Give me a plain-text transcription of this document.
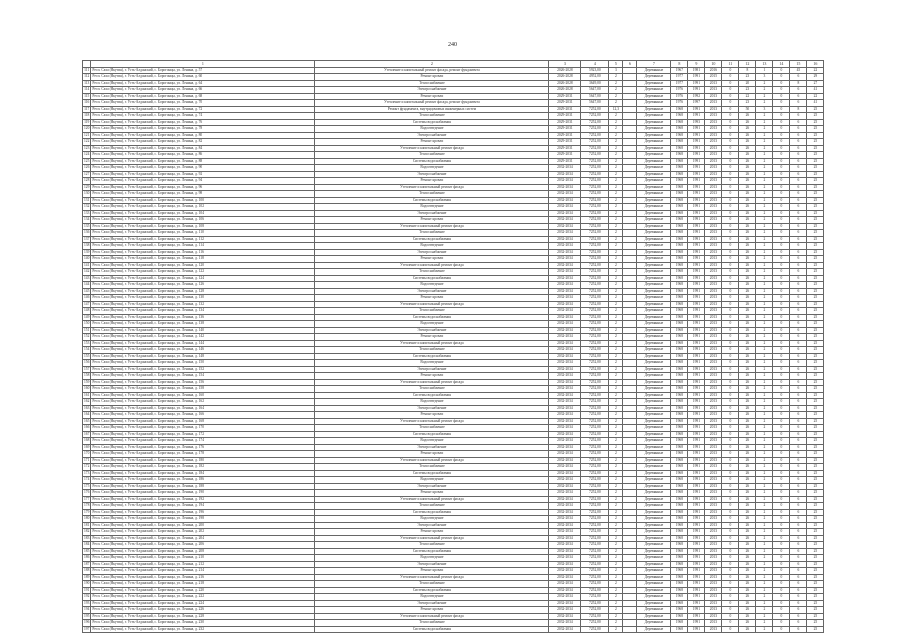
240
	1	2	3	4	5	6	7	8	9	10	11	12	13	14	15	16
111	Респ. Саха (Якутия), г. Усть-Алданский, с. Борогонцы, ул. Ленина, д. 57	Утепление и капитальный ремонт фасада, ремонт фундамента	2026-2028	5923,00	3		Деревянные	1967	1981	2016	0	8	1	0	45	22
112	Респ. Саха (Якутия), г. Усть-Алданский, с. Борогонцы, ул. Ленина, д. 60	Ремонт кровли	2026-2028	4952,00	2		Деревянные	1977	1991	2015	0	23	3	0	6	29
113	Респ. Саха (Якутия), г. Усть-Алданский, с. Борогонцы, ул. Ленина, д. 64	Теплоснабжение	2026-2028	3649,00	2		Деревянные	1977	1991	2013	0	20	2	0	8	27
114	Респ. Саха (Якутия), г. Усть-Алданский, с. Борогонцы, ул. Ленина, д. 66	Электроснабжение	2026-2028	5647,00	2		Деревянные	1976	1991	2013	0	23	2	0	6	41
115	Респ. Саха (Якутия), г. Усть-Алданский, с. Борогонцы, ул. Ленина, д. 68	Ремонт кровли	2029-2031	5647,00	2		Деревянные	1976	1992	2013	0	22	2	0	6	22
116	Респ. Саха (Якутия), г. Усть-Алданский, с. Борогонцы, ул. Ленина, д. 70	Утепление и капитальный ремонт фасада, ремонт фундамента	2029-2031	5647,00	2		Деревянные	1976	1997	2013	0	23	2	0	6	41
117	Респ. Саха (Якутия), г. Усть-Алданский, с. Борогонцы, ул. Ленина, д. 72	Ремонт фундамента, внутридомовых инженерных систем	2029-2031	7252,00	12,3		Деревянные	1968	1991	2013	0	50	3	0	8	25
118	Респ. Саха (Якутия), г. Усть-Алданский, с. Борогонцы, ул. Ленина, д. 74	Теплоснабжение	2029-2031	7252,00	2		Деревянные	1968	1991	2013	0	26	2	0	6	25
119	Респ. Саха (Якутия), г. Усть-Алданский, с. Борогонцы, ул. Ленина, д. 76	Системы водоснабжения	2029-2031	7252,00	2		Деревянные	1968	1993	2013	0	26	2	0	6	25
120	Респ. Саха (Якутия), г. Усть-Алданский, с. Борогонцы, ул. Ленина, д. 78	Водоотведение	2029-2031	7252,00	2		Деревянные	1968	1991	2013	0	26	2	0	6	25
121	Респ. Саха (Якутия), г. Усть-Алданский, с. Борогонцы, ул. Ленина, д. 80	Электроснабжение	2029-2031	7252,00	2		Деревянные	1968	1991	2013	0	26	2	0	6	25
122	Респ. Саха (Якутия), г. Усть-Алданский, с. Борогонцы, ул. Ленина, д. 82	Ремонт кровли	2029-2031	7252,00	2		Деревянные	1968	1991	2013	0	26	2	0	6	25
123	Респ. Саха (Якутия), г. Усть-Алданский, с. Борогонцы, ул. Ленина, д. 84	Утепление и капитальный ремонт фасада	2029-2031	7252,00	2		Деревянные	1968	1991	2013	0	26	2	0	6	25
124	Респ. Саха (Якутия), г. Усть-Алданский, с. Борогонцы, ул. Ленина, д. 86	Теплоснабжение	2029-2031	7252,00	2		Деревянные	1968	1991	2013	0	26	2	0	6	25
125	Респ. Саха (Якутия), г. Усть-Алданский, с. Борогонцы, ул. Ленина, д. 88	Системы водоснабжения	2029-2031	7252,00	2		Деревянные	1968	1991	2013	0	26	2	0	6	25
126	Респ. Саха (Якутия), г. Усть-Алданский, с. Борогонцы, ул. Ленина, д. 90	Водоотведение	2032-2034	7252,00	2		Деревянные	1968	1991	2013	0	26	2	0	6	25
127	Респ. Саха (Якутия), г. Усть-Алданский, с. Борогонцы, ул. Ленина, д. 92	Электроснабжение	2032-2034	7252,00	2		Деревянные	1968	1991	2013	0	26	2	0	6	25
128	Респ. Саха (Якутия), г. Усть-Алданский, с. Борогонцы, ул. Ленина, д. 94	Ремонт кровли	2032-2034	7252,00	2		Деревянные	1968	1991	2013	0	26	2	0	6	25
129	Респ. Саха (Якутия), г. Усть-Алданский, с. Борогонцы, ул. Ленина, д. 96	Утепление и капитальный ремонт фасада	2032-2034	7252,00	2		Деревянные	1968	1991	2013	0	26	2	0	6	25
130	Респ. Саха (Якутия), г. Усть-Алданский, с. Борогонцы, ул. Ленина, д. 98	Теплоснабжение	2032-2034	7252,00	2		Деревянные	1968	1991	2013	0	26	2	0	6	25
131	Респ. Саха (Якутия), г. Усть-Алданский, с. Борогонцы, ул. Ленина, д. 100	Системы водоснабжения	2032-2034	7252,00	2		Деревянные	1968	1991	2013	0	26	2	0	6	25
132	Респ. Саха (Якутия), г. Усть-Алданский, с. Борогонцы, ул. Ленина, д. 102	Водоотведение	2032-2034	7252,00	2		Деревянные	1968	1991	2013	0	26	2	0	6	25
133	Респ. Саха (Якутия), г. Усть-Алданский, с. Борогонцы, ул. Ленина, д. 104	Электроснабжение	2032-2034	7252,00	2		Деревянные	1968	1991	2013	0	26	2	0	6	25
134	Респ. Саха (Якутия), г. Усть-Алданский, с. Борогонцы, ул. Ленина, д. 106	Ремонт кровли	2032-2034	7252,00	2		Деревянные	1968	1991	2013	0	26	2	0	6	25
135	Респ. Саха (Якутия), г. Усть-Алданский, с. Борогонцы, ул. Ленина, д. 108	Утепление и капитальный ремонт фасада	2032-2034	7252,00	2		Деревянные	1968	1991	2013	0	26	2	0	6	25
136	Респ. Саха (Якутия), г. Усть-Алданский, с. Борогонцы, ул. Ленина, д. 110	Теплоснабжение	2032-2034	7252,00	2		Деревянные	1968	1991	2013	0	26	2	0	6	25
137	Респ. Саха (Якутия), г. Усть-Алданский, с. Борогонцы, ул. Ленина, д. 112	Системы водоснабжения	2032-2034	7252,00	2		Деревянные	1968	1991	2013	0	26	2	0	6	25
138	Респ. Саха (Якутия), г. Усть-Алданский, с. Борогонцы, ул. Ленина, д. 114	Водоотведение	2032-2034	7252,00	2		Деревянные	1968	1991	2013	0	26	2	0	6	25
139	Респ. Саха (Якутия), г. Усть-Алданский, с. Борогонцы, ул. Ленина, д. 116	Электроснабжение	2032-2034	7252,00	2		Деревянные	1968	1991	2013	0	26	2	0	6	25
140	Респ. Саха (Якутия), г. Усть-Алданский, с. Борогонцы, ул. Ленина, д. 118	Ремонт кровли	2032-2034	7252,00	2		Деревянные	1968	1991	2013	0	26	2	0	6	25
141	Респ. Саха (Якутия), г. Усть-Алданский, с. Борогонцы, ул. Ленина, д. 120	Утепление и капитальный ремонт фасада	2032-2034	7252,00	2		Деревянные	1968	1991	2013	0	26	2	0	6	25
142	Респ. Саха (Якутия), г. Усть-Алданский, с. Борогонцы, ул. Ленина, д. 122	Теплоснабжение	2032-2034	7252,00	2		Деревянные	1968	1991	2013	0	26	2	0	6	25
143	Респ. Саха (Якутия), г. Усть-Алданский, с. Борогонцы, ул. Ленина, д. 124	Системы водоснабжения	2032-2034	7252,00	2		Деревянные	1968	1991	2013	0	26	2	0	6	25
144	Респ. Саха (Якутия), г. Усть-Алданский, с. Борогонцы, ул. Ленина, д. 126	Водоотведение	2032-2034	7252,00	2		Деревянные	1968	1991	2013	0	26	2	0	6	25
145	Респ. Саха (Якутия), г. Усть-Алданский, с. Борогонцы, ул. Ленина, д. 128	Электроснабжение	2032-2034	7252,00	2		Деревянные	1968	1991	2013	0	26	2	0	6	25
146	Респ. Саха (Якутия), г. Усть-Алданский, с. Борогонцы, ул. Ленина, д. 130	Ремонт кровли	2032-2034	7252,00	2		Деревянные	1968	1991	2013	0	26	2	0	6	25
147	Респ. Саха (Якутия), г. Усть-Алданский, с. Борогонцы, ул. Ленина, д. 132	Утепление и капитальный ремонт фасада	2032-2034	7252,00	2		Деревянные	1968	1991	2013	0	26	2	0	6	25
148	Респ. Саха (Якутия), г. Усть-Алданский, с. Борогонцы, ул. Ленина, д. 134	Теплоснабжение	2032-2034	7252,00	2		Деревянные	1968	1991	2013	0	26	2	0	6	25
149	Респ. Саха (Якутия), г. Усть-Алданский, с. Борогонцы, ул. Ленина, д. 136	Системы водоснабжения	2032-2034	7252,00	2		Деревянные	1968	1991	2013	0	26	2	0	6	25
150	Респ. Саха (Якутия), г. Усть-Алданский, с. Борогонцы, ул. Ленина, д. 138	Водоотведение	2032-2034	7252,00	2		Деревянные	1968	1991	2013	0	26	2	0	6	25
151	Респ. Саха (Якутия), г. Усть-Алданский, с. Борогонцы, ул. Ленина, д. 140	Электроснабжение	2032-2034	7252,00	2		Деревянные	1968	1991	2013	0	26	2	0	6	25
152	Респ. Саха (Якутия), г. Усть-Алданский, с. Борогонцы, ул. Ленина, д. 142	Ремонт кровли	2032-2034	7252,00	2		Деревянные	1968	1991	2013	0	26	2	0	6	25
153	Респ. Саха (Якутия), г. Усть-Алданский, с. Борогонцы, ул. Ленина, д. 144	Утепление и капитальный ремонт фасада	2032-2034	7252,00	2		Деревянные	1968	1991	2013	0	26	2	0	6	25
154	Респ. Саха (Якутия), г. Усть-Алданский, с. Борогонцы, ул. Ленина, д. 146	Теплоснабжение	2032-2034	7252,00	2		Деревянные	1968	1991	2013	0	26	2	0	6	25
155	Респ. Саха (Якутия), г. Усть-Алданский, с. Борогонцы, ул. Ленина, д. 148	Системы водоснабжения	2032-2034	7252,00	2		Деревянные	1968	1991	2013	0	26	2	0	6	25
156	Респ. Саха (Якутия), г. Усть-Алданский, с. Борогонцы, ул. Ленина, д. 150	Водоотведение	2032-2034	7252,00	2		Деревянные	1968	1991	2013	0	26	2	0	6	25
157	Респ. Саха (Якутия), г. Усть-Алданский, с. Борогонцы, ул. Ленина, д. 152	Электроснабжение	2032-2034	7252,00	2		Деревянные	1968	1991	2013	0	26	2	0	6	25
158	Респ. Саха (Якутия), г. Усть-Алданский, с. Борогонцы, ул. Ленина, д. 154	Ремонт кровли	2032-2034	7252,00	2		Деревянные	1968	1991	2013	0	26	2	0	6	25
159	Респ. Саха (Якутия), г. Усть-Алданский, с. Борогонцы, ул. Ленина, д. 156	Утепление и капитальный ремонт фасада	2032-2034	7252,00	2		Деревянные	1968	1991	2013	0	26	2	0	6	25
160	Респ. Саха (Якутия), г. Усть-Алданский, с. Борогонцы, ул. Ленина, д. 158	Теплоснабжение	2032-2034	7252,00	2		Деревянные	1968	1991	2013	0	26	2	0	6	25
161	Респ. Саха (Якутия), г. Усть-Алданский, с. Борогонцы, ул. Ленина, д. 160	Системы водоснабжения	2032-2034	7252,00	2		Деревянные	1968	1991	2013	0	26	2	0	6	25
162	Респ. Саха (Якутия), г. Усть-Алданский, с. Борогонцы, ул. Ленина, д. 162	Водоотведение	2032-2034	7252,00	2		Деревянные	1968	1991	2013	0	26	2	0	6	25
163	Респ. Саха (Якутия), г. Усть-Алданский, с. Борогонцы, ул. Ленина, д. 164	Электроснабжение	2032-2034	7252,00	2		Деревянные	1968	1991	2013	0	26	2	0	6	25
164	Респ. Саха (Якутия), г. Усть-Алданский, с. Борогонцы, ул. Ленина, д. 166	Ремонт кровли	2032-2034	7252,00	2		Деревянные	1968	1991	2013	0	26	2	0	6	25
165	Респ. Саха (Якутия), г. Усть-Алданский, с. Борогонцы, ул. Ленина, д. 168	Утепление и капитальный ремонт фасада	2032-2034	7252,00	2		Деревянные	1968	1991	2013	0	26	2	0	6	25
166	Респ. Саха (Якутия), г. Усть-Алданский, с. Борогонцы, ул. Ленина, д. 170	Теплоснабжение	2032-2034	7252,00	2		Деревянные	1968	1991	2013	0	26	2	0	6	25
167	Респ. Саха (Якутия), г. Усть-Алданский, с. Борогонцы, ул. Ленина, д. 172	Системы водоснабжения	2032-2034	7252,00	2		Деревянные	1968	1991	2013	0	26	2	0	6	25
168	Респ. Саха (Якутия), г. Усть-Алданский, с. Борогонцы, ул. Ленина, д. 174	Водоотведение	2032-2034	7252,00	2		Деревянные	1968	1991	2013	0	26	2	0	6	25
169	Респ. Саха (Якутия), г. Усть-Алданский, с. Борогонцы, ул. Ленина, д. 176	Электроснабжение	2032-2034	7252,00	2		Деревянные	1968	1991	2013	0	26	2	0	6	25
170	Респ. Саха (Якутия), г. Усть-Алданский, с. Борогонцы, ул. Ленина, д. 178	Ремонт кровли	2032-2034	7252,00	2		Деревянные	1968	1991	2013	0	26	2	0	6	25
171	Респ. Саха (Якутия), г. Усть-Алданский, с. Борогонцы, ул. Ленина, д. 180	Утепление и капитальный ремонт фасада	2032-2034	7252,00	2		Деревянные	1968	1991	2013	0	26	2	0	6	25
172	Респ. Саха (Якутия), г. Усть-Алданский, с. Борогонцы, ул. Ленина, д. 182	Теплоснабжение	2032-2034	7252,00	2		Деревянные	1968	1991	2013	0	26	2	0	6	25
173	Респ. Саха (Якутия), г. Усть-Алданский, с. Борогонцы, ул. Ленина, д. 184	Системы водоснабжения	2032-2034	7252,00	2		Деревянные	1968	1991	2013	0	26	2	0	6	25
174	Респ. Саха (Якутия), г. Усть-Алданский, с. Борогонцы, ул. Ленина, д. 186	Водоотведение	2032-2034	7252,00	2		Деревянные	1968	1991	2013	0	26	2	0	6	25
175	Респ. Саха (Якутия), г. Усть-Алданский, с. Борогонцы, ул. Ленина, д. 188	Электроснабжение	2032-2034	7252,00	2		Деревянные	1968	1991	2013	0	26	2	0	6	25
176	Респ. Саха (Якутия), г. Усть-Алданский, с. Борогонцы, ул. Ленина, д. 190	Ремонт кровли	2032-2034	7252,00	2		Деревянные	1968	1991	2013	0	26	2	0	6	25
177	Респ. Саха (Якутия), г. Усть-Алданский, с. Борогонцы, ул. Ленина, д. 192	Утепление и капитальный ремонт фасада	2032-2034	7252,00	2		Деревянные	1968	1991	2013	0	26	2	0	6	25
178	Респ. Саха (Якутия), г. Усть-Алданский, с. Борогонцы, ул. Ленина, д. 194	Теплоснабжение	2032-2034	7252,00	2		Деревянные	1968	1991	2013	0	26	2	0	6	25
179	Респ. Саха (Якутия), г. Усть-Алданский, с. Борогонцы, ул. Ленина, д. 196	Системы водоснабжения	2032-2034	7252,00	2		Деревянные	1968	1991	2013	0	26	2	0	6	25
180	Респ. Саха (Якутия), г. Усть-Алданский, с. Борогонцы, ул. Ленина, д. 198	Водоотведение	2032-2034	7252,00	2		Деревянные	1968	1991	2013	0	26	2	0	6	25
181	Респ. Саха (Якутия), г. Усть-Алданский, с. Борогонцы, ул. Ленина, д. 200	Электроснабжение	2032-2034	7252,00	2		Деревянные	1968	1991	2013	0	26	2	0	6	25
182	Респ. Саха (Якутия), г. Усть-Алданский, с. Борогонцы, ул. Ленина, д. 202	Ремонт кровли	2032-2034	7252,00	2		Деревянные	1968	1991	2013	0	26	2	0	6	25
183	Респ. Саха (Якутия), г. Усть-Алданский, с. Борогонцы, ул. Ленина, д. 204	Утепление и капитальный ремонт фасада	2032-2034	7252,00	2		Деревянные	1968	1991	2013	0	26	2	0	6	25
184	Респ. Саха (Якутия), г. Усть-Алданский, с. Борогонцы, ул. Ленина, д. 206	Теплоснабжение	2032-2034	7252,00	2		Деревянные	1968	1991	2013	0	26	2	0	6	25
185	Респ. Саха (Якутия), г. Усть-Алданский, с. Борогонцы, ул. Ленина, д. 208	Системы водоснабжения	2032-2034	7252,00	2		Деревянные	1968	1991	2013	0	26	2	0	6	25
186	Респ. Саха (Якутия), г. Усть-Алданский, с. Борогонцы, ул. Ленина, д. 210	Водоотведение	2032-2034	7252,00	2		Деревянные	1968	1991	2013	0	26	2	0	6	25
187	Респ. Саха (Якутия), г. Усть-Алданский, с. Борогонцы, ул. Ленина, д. 212	Электроснабжение	2032-2034	7252,00	2		Деревянные	1968	1991	2013	0	26	2	0	6	25
188	Респ. Саха (Якутия), г. Усть-Алданский, с. Борогонцы, ул. Ленина, д. 214	Ремонт кровли	2032-2034	7252,00	2		Деревянные	1968	1991	2013	0	26	2	0	6	25
189	Респ. Саха (Якутия), г. Усть-Алданский, с. Борогонцы, ул. Ленина, д. 216	Утепление и капитальный ремонт фасада	2032-2034	7252,00	2		Деревянные	1968	1991	2013	0	26	2	0	6	25
190	Респ. Саха (Якутия), г. Усть-Алданский, с. Борогонцы, ул. Ленина, д. 218	Теплоснабжение	2032-2034	7252,00	2		Деревянные	1968	1991	2013	0	26	2	0	6	25
191	Респ. Саха (Якутия), г. Усть-Алданский, с. Борогонцы, ул. Ленина, д. 220	Системы водоснабжения	2032-2034	7252,00	2		Деревянные	1968	1991	2013	0	26	2	0	6	25
192	Респ. Саха (Якутия), г. Усть-Алданский, с. Борогонцы, ул. Ленина, д. 222	Водоотведение	2032-2034	7252,00	2		Деревянные	1968	1991	2013	0	26	2	0	6	25
193	Респ. Саха (Якутия), г. Усть-Алданский, с. Борогонцы, ул. Ленина, д. 224	Электроснабжение	2032-2034	7252,00	2		Деревянные	1968	1991	2013	0	26	2	0	6	25
194	Респ. Саха (Якутия), г. Усть-Алданский, с. Борогонцы, ул. Ленина, д. 226	Ремонт кровли	2032-2034	7252,00	2		Деревянные	1968	1991	2013	0	26	2	0	6	25
195	Респ. Саха (Якутия), г. Усть-Алданский, с. Борогонцы, ул. Ленина, д. 228	Утепление и капитальный ремонт фасада	2032-2034	7252,00	2		Деревянные	1968	1991	2013	0	26	2	0	6	25
196	Респ. Саха (Якутия), г. Усть-Алданский, с. Борогонцы, ул. Ленина, д. 230	Теплоснабжение	2032-2034	7252,00	2		Деревянные	1968	1991	2013	0	26	2	0	6	25
197	Респ. Саха (Якутия), г. Усть-Алданский, с. Борогонцы, ул. Ленина, д. 232	Системы водоснабжения	2032-2034	7252,00	2		Деревянные	1968	1991	2013	0	26	2	0	6	25
